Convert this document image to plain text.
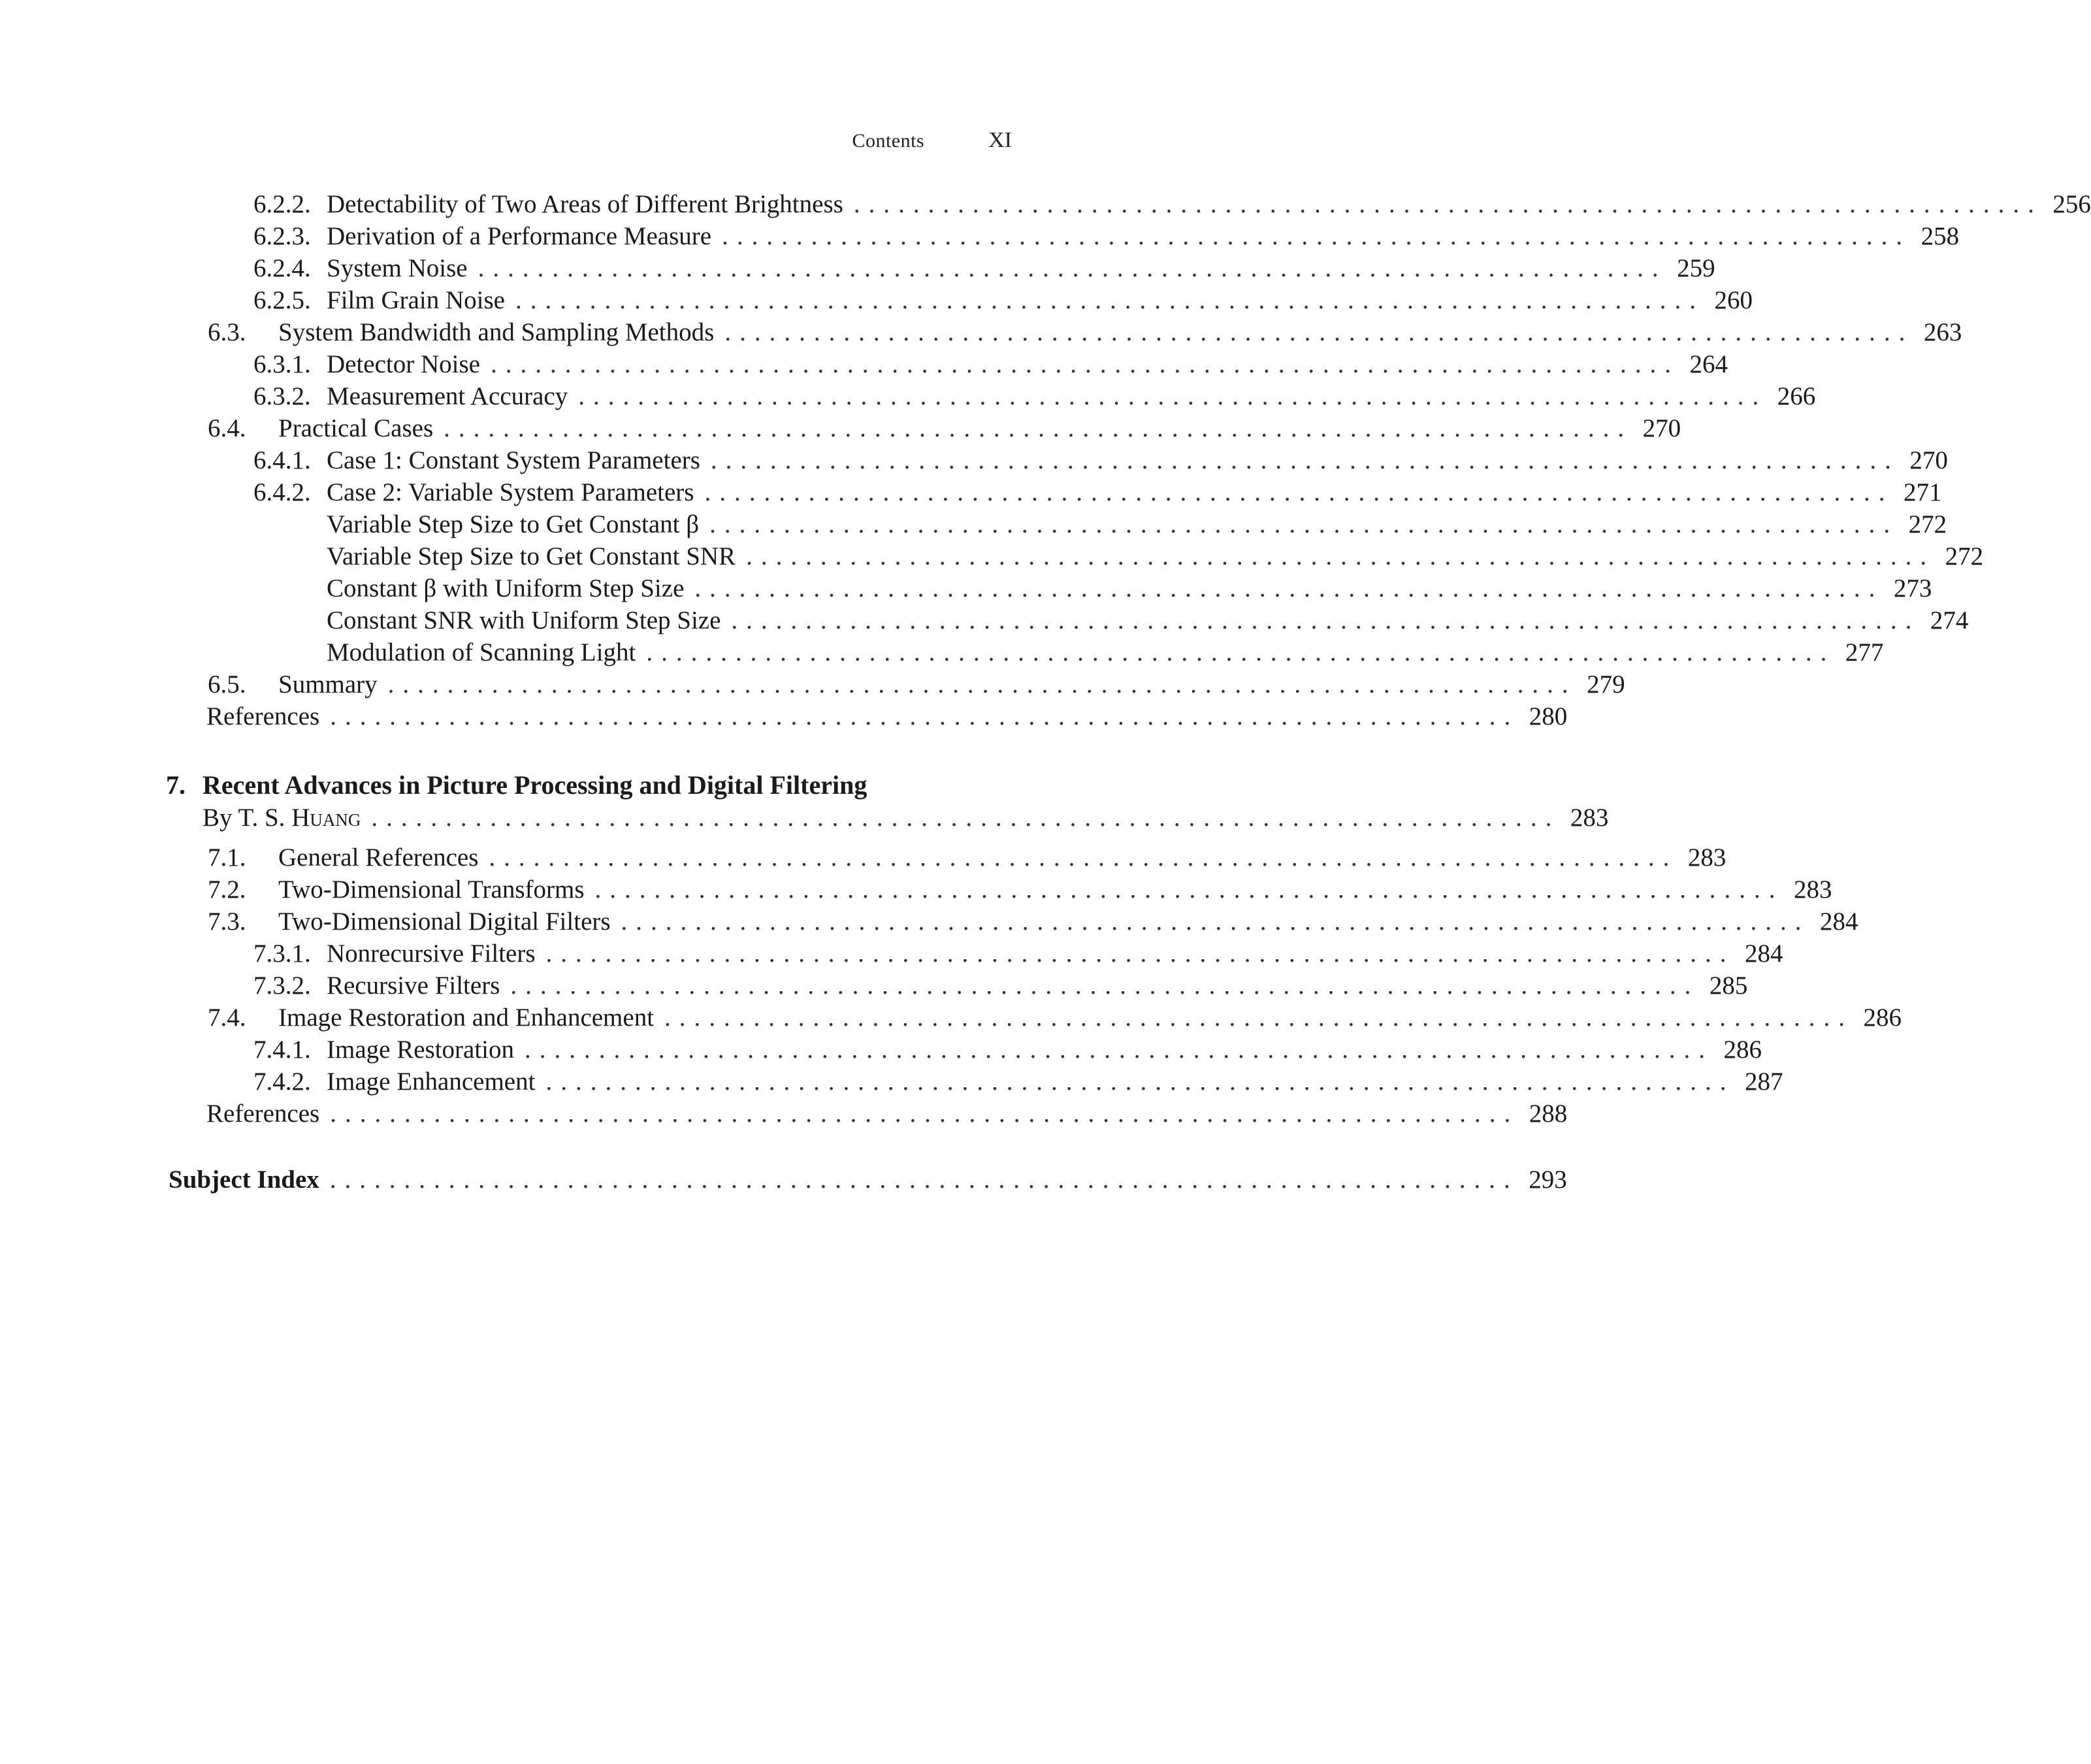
Contents	XI
6.2.2. Detectability of Two Areas of Different Brightness ................................................................................ 256
6.2.3. Derivation of a Performance Measure ................................................................................ 258
6.2.4. System Noise ................................................................................ 259
6.2.5. Film Grain Noise ................................................................................ 260
6.3.	System Bandwidth and Sampling Methods ................................................................................ 263
6.3.1. Detector Noise ................................................................................ 264
6.3.2. Measurement Accuracy ................................................................................ 266
6.4.	Practical Cases ................................................................................ 270
6.4.1. Case 1: Constant System Parameters ................................................................................ 270
6.4.2. Case 2: Variable System Parameters ................................................................................ 271
Variable Step Size to Get Constant β ................................................................................ 272
Variable Step Size to Get Constant SNR ................................................................................ 272
Constant β with Uniform Step Size ................................................................................ 273
Constant SNR with Uniform Step Size ................................................................................ 274
Modulation of Scanning Light ................................................................................ 277
6.5.	Summary ................................................................................ 279
References ................................................................................ 280
7. Recent Advances in Picture Processing and Digital Filtering
By T. S. Huang ................................................................................ 283
7.1.	General References ................................................................................ 283
7.2.	Two-Dimensional Transforms ................................................................................ 283
7.3.	Two-Dimensional Digital Filters ................................................................................ 284
7.3.1. Nonrecursive Filters ................................................................................ 284
7.3.2. Recursive Filters ................................................................................ 285
7.4.	Image Restoration and Enhancement ................................................................................ 286
7.4.1. Image Restoration ................................................................................ 286
7.4.2. Image Enhancement ................................................................................ 287
References ................................................................................ 288
Subject Index ................................................................................ 293
